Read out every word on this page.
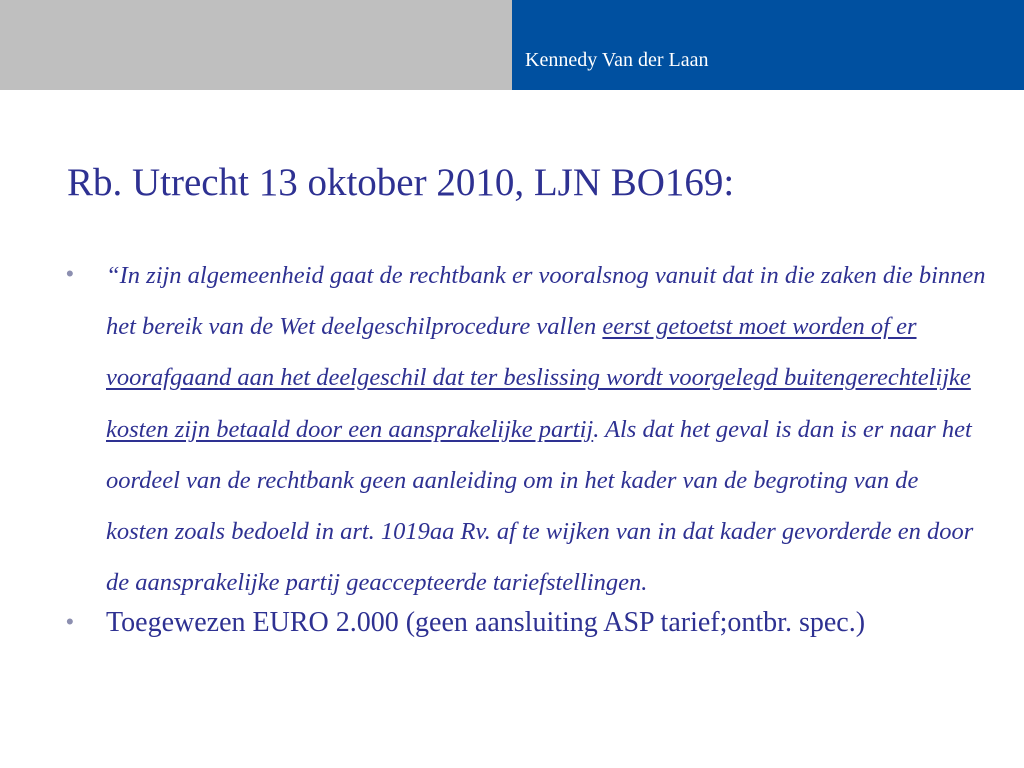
Kennedy Van der Laan
Rb. Utrecht 13 oktober 2010, LJN BO169:
• “In zijn algemeenheid gaat de rechtbank er vooralsnog vanuit dat in die zaken die binnen het bereik van de Wet deelgeschilprocedure vallen eerst getoetst moet worden of er voorafgaand aan het deelgeschil dat ter beslissing wordt voorgelegd buitengerechtelijke kosten zijn betaald door een aansprakelijke partij. Als dat het geval is dan is er naar het oordeel van de rechtbank geen aanleiding om in het kader van de begroting van de kosten zoals bedoeld in art. 1019aa Rv. af te wijken van in dat kader gevorderde en door de aansprakelijke partij geaccepteerde tariefstellingen.
• Toegewezen EURO 2.000 (geen aansluiting ASP tarief;ontbr. spec.)
